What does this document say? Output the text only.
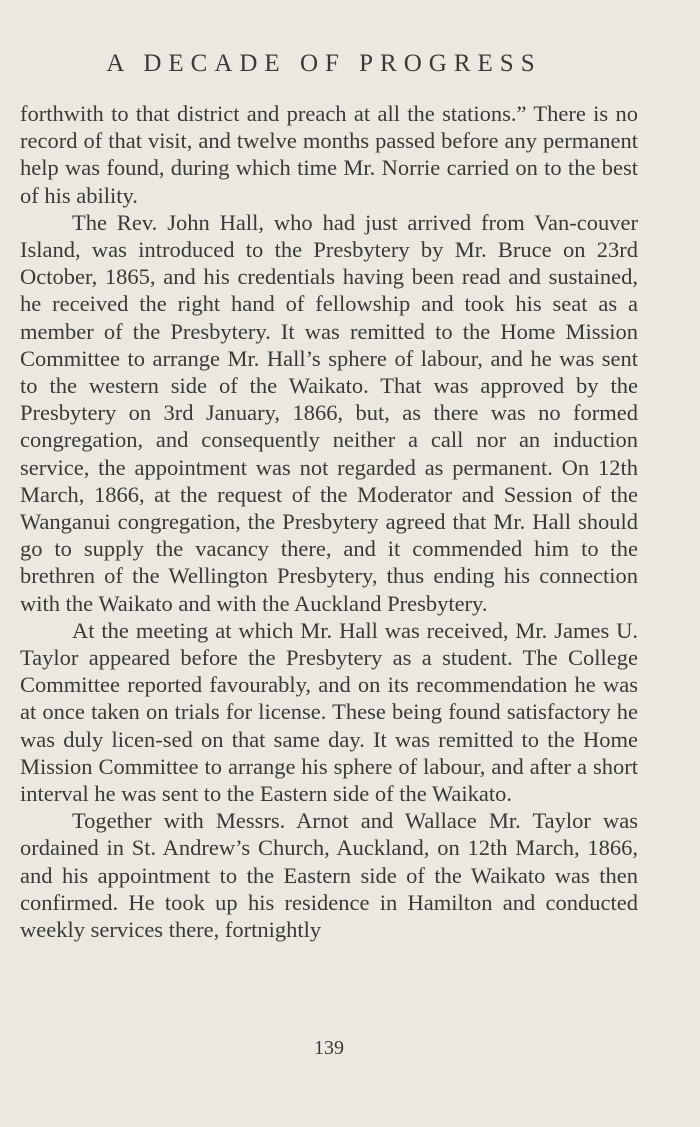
A DECADE OF PROGRESS

forthwith to that district and preach at all the stations.” There is no record of that visit, and twelve months passed before any permanent help was found, during which time Mr. Norrie carried on to the best of his ability.

The Rev. John Hall, who had just arrived from Van-couver Island, was introduced to the Presbytery by Mr. Bruce on 23rd October, 1865, and his credentials having been read and sustained, he received the right hand of fellowship and took his seat as a member of the Presbytery. It was remitted to the Home Mission Committee to arrange Mr. Hall’s sphere of labour, and he was sent to the western side of the Waikato. That was approved by the Presbytery on 3rd January, 1866, but, as there was no formed congregation, and consequently neither a call nor an induction service, the appointment was not regarded as permanent. On 12th March, 1866, at the request of the Moderator and Session of the Wanganui congregation, the Presbytery agreed that Mr. Hall should go to supply the vacancy there, and it commended him to the brethren of the Wellington Presbytery, thus ending his connection with the Waikato and with the Auckland Presbytery.

At the meeting at which Mr. Hall was received, Mr. James U. Taylor appeared before the Presbytery as a student. The College Committee reported favourably, and on its recommendation he was at once taken on trials for license. These being found satisfactory he was duly licen-sed on that same day. It was remitted to the Home Mission Committee to arrange his sphere of labour, and after a short interval he was sent to the Eastern side of the Waikato.

Together with Messrs. Arnot and Wallace Mr. Taylor was ordained in St. Andrew’s Church, Auckland, on 12th March, 1866, and his appointment to the Eastern side of the Waikato was then confirmed. He took up his residence in Hamilton and conducted weekly services there, fortnightly

139
